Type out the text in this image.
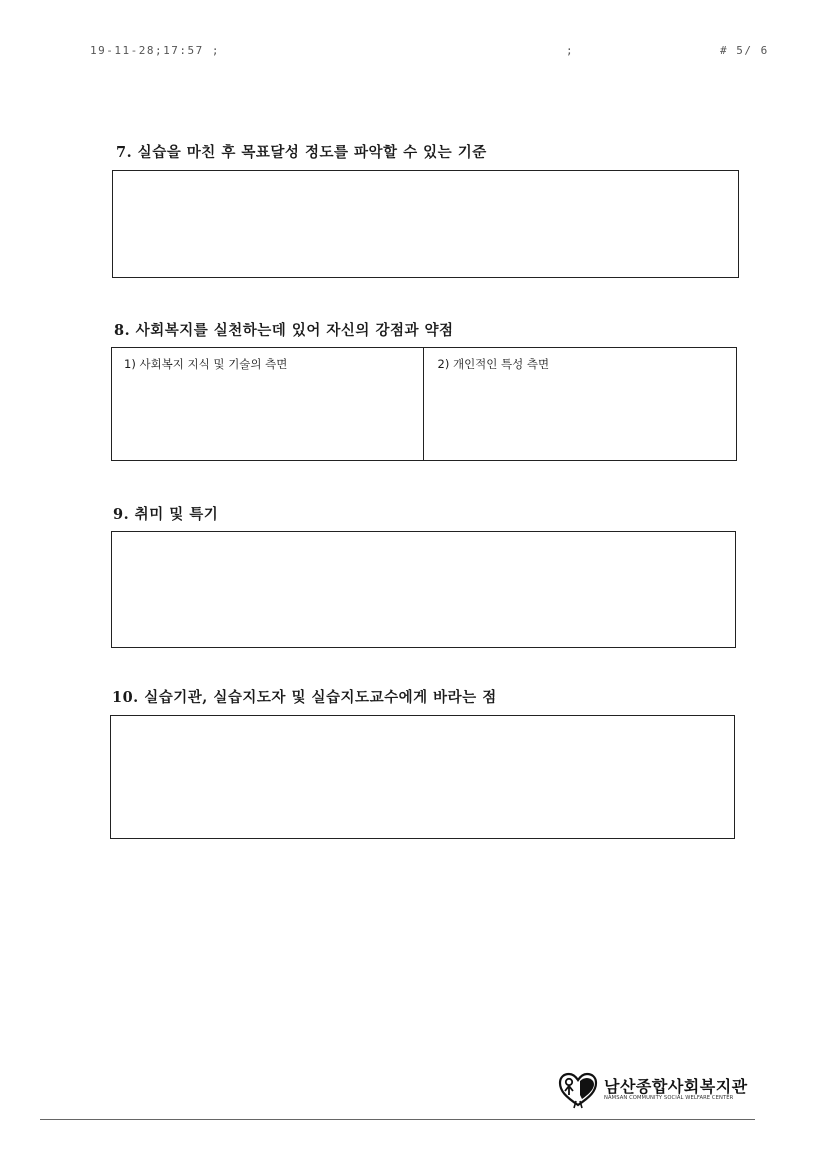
19-11-28;17:57 ;	;	# 5/ 6
7. 실습을 마친 후 목표달성 정도를 파악할 수 있는 기준
8. 사회복지를 실천하는데 있어 자신의 강점과 약점
1) 사회복지 지식 및 기술의 측면	2) 개인적인 특성 측면
9. 취미 및 특기
10. 실습기관, 실습지도자 및 실습지도교수에게 바라는 점
남산종합사회복지관
NAMSAN COMMUNITY SOCIAL WELFARE CENTER
